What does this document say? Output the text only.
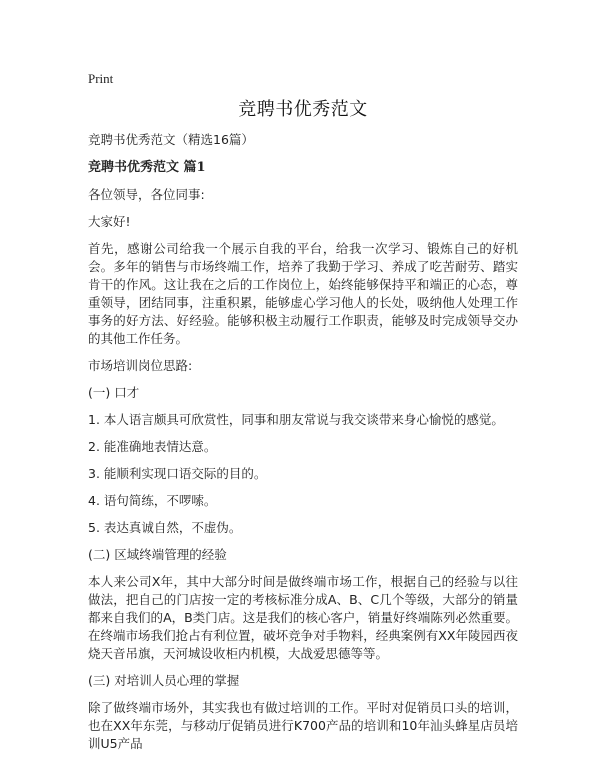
Print
竞聘书优秀范文

竞聘书优秀范文（精选16篇）

竞聘书优秀范文 篇1

各位领导，各位同事:

大家好!

首先，感谢公司给我一个展示自我的平台，给我一次学习、锻炼自己的好机会。多年的销售与市场终端工作，培养了我勤于学习、养成了吃苦耐劳、踏实肯干的作风。这让我在之后的工作岗位上，始终能够保持平和端正的心态，尊重领导，团结同事，注重积累，能够虚心学习他人的长处，吸纳他人处理工作事务的好方法、好经验。能够积极主动履行工作职责，能够及时完成领导交办的其他工作任务。

市场培训岗位思路:

(一) 口才

1. 本人语言颇具可欣赏性，同事和朋友常说与我交谈带来身心愉悦的感觉。

2. 能准确地表情达意。

3. 能顺利实现口语交际的目的。

4. 语句简练，不啰嗦。

5. 表达真诚自然，不虚伪。

(二) 区域终端管理的经验

本人来公司X年，其中大部分时间是做终端市场工作，根据自己的经验与以往做法，把自己的门店按一定的考核标准分成A、B、C几个等级，大部分的销量都来自我们的A，B类门店。这是我们的核心客户，销量好终端陈列必然重要。在终端市场我们抢占有利位置，破坏竞争对手物料，经典案例有XX年陵园西夜烧天音吊旗，天河城设收柜内机模，大战爱思德等等。

(三) 对培训人员心理的掌握

除了做终端市场外，其实我也有做过培训的工作。平时对促销员口头的培训，也在XX年东莞，与移动厅促销员进行K700产品的培训和10年汕头蜂星店员培训U5产品
